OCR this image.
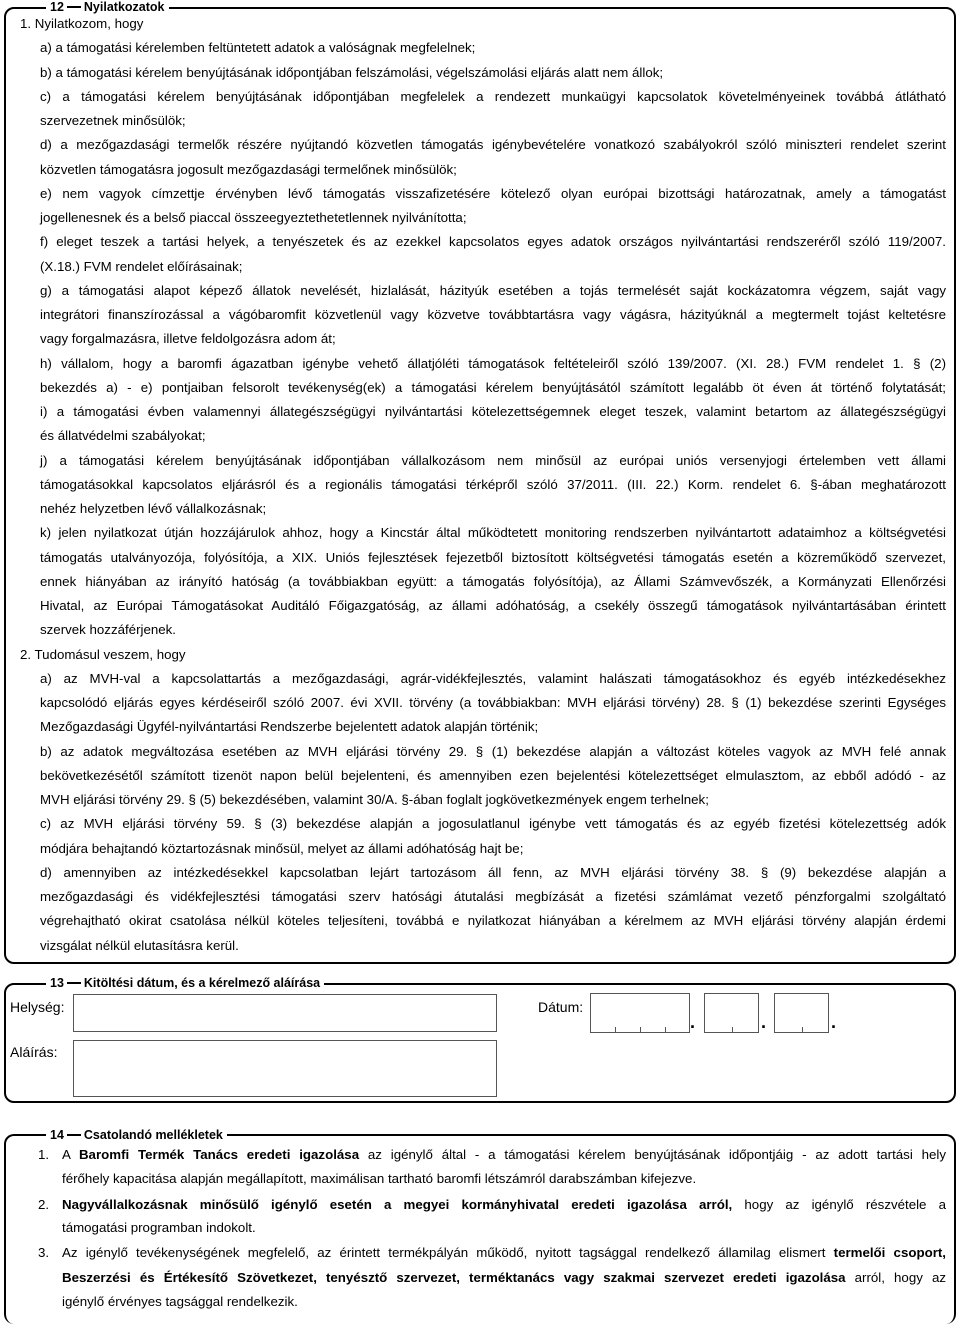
12 Nyilatkozatok
1. Nyilatkozom, hogy
a) a támogatási kérelemben feltüntetett adatok a valóságnak megfelelnek;
b) a támogatási kérelem benyújtásának időpontjában felszámolási, végelszámolási eljárás alatt nem állok;
c) a támogatási kérelem benyújtásának időpontjában megfelelek a rendezett munkaügyi kapcsolatok követelményeinek továbbá átlátható
szervezetnek minősülök;
d) a mezőgazdasági termelők részére nyújtandó közvetlen támogatás igénybevételére vonatkozó szabályokról szóló miniszteri rendelet szerint
közvetlen támogatásra jogosult mezőgazdasági termelőnek minősülök;
e) nem vagyok címzettje érvényben lévő támogatás visszafizetésére kötelező olyan európai bizottsági határozatnak, amely a támogatást
jogellenesnek és a belső piaccal összeegyeztethetetlennek nyilvánította;
f) eleget teszek a tartási helyek, a tenyészetek és az ezekkel kapcsolatos egyes adatok országos nyilvántartási rendszeréről szóló 119/2007.
(X.18.) FVM rendelet előírásainak;
g) a támogatási alapot képező állatok nevelését, hizlalását, házityúk esetében a tojás termelését saját kockázatomra végzem, saját vagy
integrátori finanszírozással a vágóbaromfit közvetlenül vagy közvetve továbbtartásra vagy vágásra, házityúknál a megtermelt tojást keltetésre
vagy forgalmazásra, illetve feldolgozásra adom át;
h) vállalom, hogy a baromfi ágazatban igénybe vehető állatjóléti támogatások feltételeiről szóló 139/2007. (XI. 28.) FVM rendelet 1. § (2)
bekezdés a) - e) pontjaiban felsorolt tevékenység(ek) a támogatási kérelem benyújtásától számított legalább öt éven át történő folytatását;
i) a támogatási évben valamennyi állategészségügyi nyilvántartási kötelezettségemnek eleget teszek, valamint betartom az állategészségügyi
és állatvédelmi szabályokat;
j) a támogatási kérelem benyújtásának időpontjában vállalkozásom nem minősül az európai uniós versenyjogi értelemben vett állami
támogatásokkal kapcsolatos eljárásról és a regionális támogatási térképről szóló 37/2011. (III. 22.) Korm. rendelet 6. §-ában meghatározott
nehéz helyzetben lévő vállalkozásnak;
k) jelen nyilatkozat útján hozzájárulok ahhoz, hogy a Kincstár által működtetett monitoring rendszerben nyilvántartott adataimhoz a költségvetési
támogatás utalványozója, folyósítója, a XIX. Uniós fejlesztések fejezetből biztosított költségvetési támogatás esetén a közreműködő szervezet,
ennek hiányában az irányító hatóság (a továbbiakban együtt: a támogatás folyósítója), az Állami Számvevőszék, a Kormányzati Ellenőrzési
Hivatal, az Európai Támogatásokat Auditáló Főigazgatóság, az állami adóhatóság, a csekély összegű támogatások nyilvántartásában érintett
szervek hozzáférjenek.
2. Tudomásul veszem, hogy
a) az MVH-val a kapcsolattartás a mezőgazdasági, agrár-vidékfejlesztés, valamint halászati támogatásokhoz és egyéb intézkedésekhez
kapcsolódó eljárás egyes kérdéseiről szóló 2007. évi XVII. törvény (a továbbiakban: MVH eljárási törvény) 28. § (1) bekezdése szerinti Egységes
Mezőgazdasági Ügyfél-nyilvántartási Rendszerbe bejelentett adatok alapján történik;
b) az adatok megváltozása esetében az MVH eljárási törvény 29. § (1) bekezdése alapján a változást köteles vagyok az MVH felé annak
bekövetkezésétől számított tizenöt napon belül bejelenteni, és amennyiben ezen bejelentési kötelezettséget elmulasztom, az ebből adódó - az
MVH eljárási törvény 29. § (5) bekezdésében, valamint 30/A. §-ában foglalt jogkövetkezmények engem terhelnek;
c) az MVH eljárási törvény 59. § (3) bekezdése alapján a jogosulatlanul igénybe vett támogatás és az egyéb fizetési kötelezettség adók
módjára behajtandó köztartozásnak minősül, melyet az állami adóhatóság hajt be;
d) amennyiben az intézkedésekkel kapcsolatban lejárt tartozásom áll fenn, az MVH eljárási törvény 38. § (9) bekezdése alapján a
mezőgazdasági és vidékfejlesztési támogatási szerv hatósági átutalási megbízását a fizetési számlámat vezető pénzforgalmi szolgáltató
végrehajtható okirat csatolása nélkül köteles teljesíteni, továbbá e nyilatkozat hiányában a kérelmem az MVH eljárási törvény alapján érdemi
vizsgálat nélkül elutasításra kerül.
13 Kitöltési dátum, és a kérelmező aláírása
Helység:	Dátum:
.	.	.
Aláírás:
14 Csatolandó mellékletek
1. A Baromfi Termék Tanács eredeti igazolása az igénylő által - a támogatási kérelem benyújtásának időpontjáig - az adott tartási hely
férőhely kapacitása alapján megállapított, maximálisan tartható baromfi létszámról darabszámban kifejezve.
2. Nagyvállalkozásnak minősülő igénylő esetén a megyei kormányhivatal eredeti igazolása arról, hogy az igénylő részvétele a
támogatási programban indokolt.
3. Az igénylő tevékenységének megfelelő, az érintett termékpályán működő, nyitott tagsággal rendelkező államilag elismert termelői csoport,
Beszerzési és Értékesítő Szövetkezet, tenyésztő szervezet, terméktanács vagy szakmai szervezet eredeti igazolása arról, hogy az
igénylő érvényes tagsággal rendelkezik.
